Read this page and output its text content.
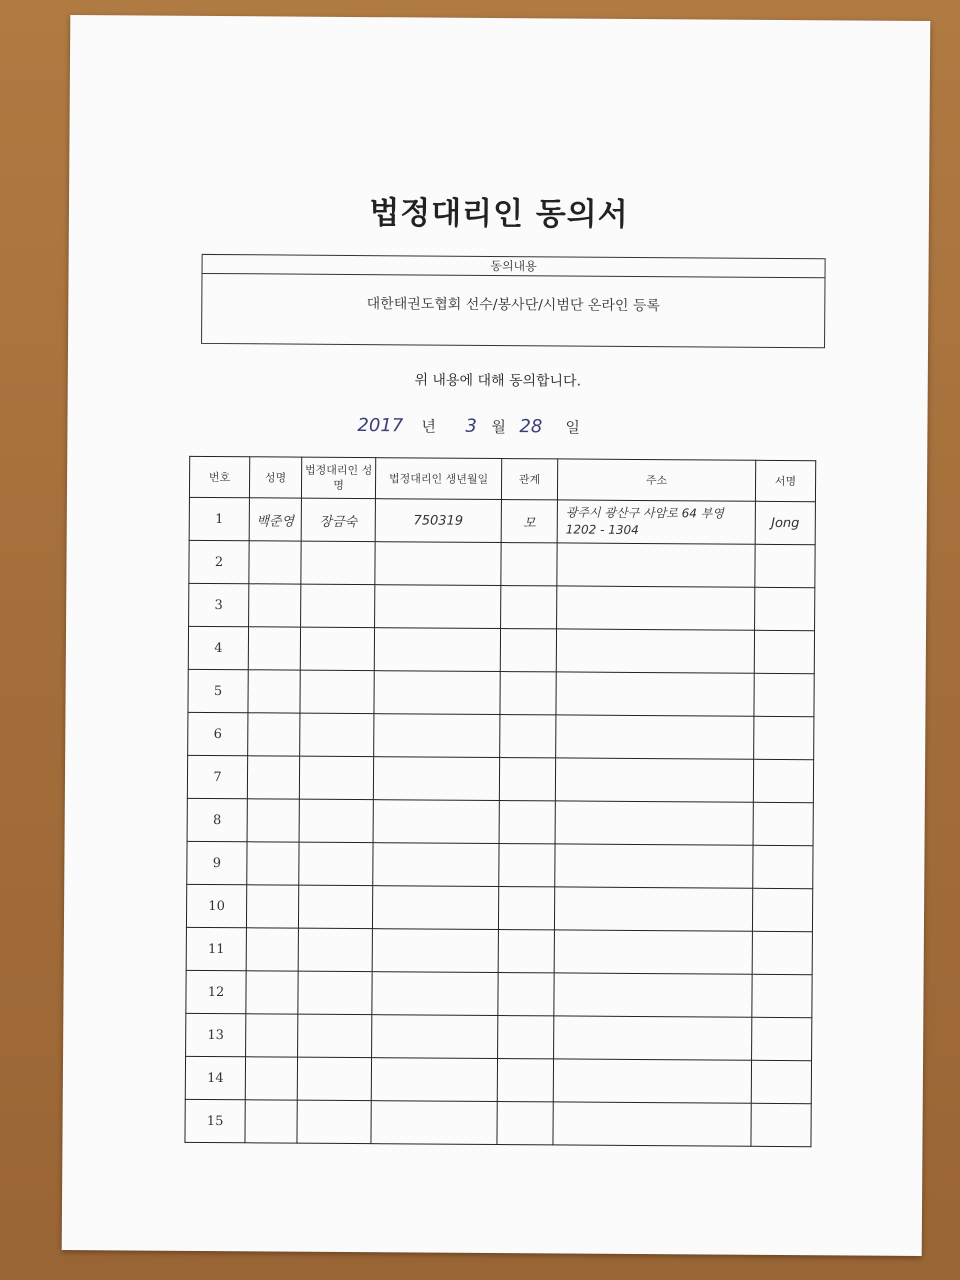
법정대리인 동의서
동의내용
대한태권도협회 선수/봉사단/시범단 온라인 등록
위 내용에 대해 동의합니다.
2017	년	3 월 28	일
번호	성명	법정대리인 성명	법정대리인 생년월일	관계	주소	서명
1	백준영	장금숙	750319	모	광주시 광산구 사암로 64 부영 1202 - 1304	Jong
2						
3						
4						
5						
6						
7						
8						
9						
10						
11						
12						
13						
14						
15						
